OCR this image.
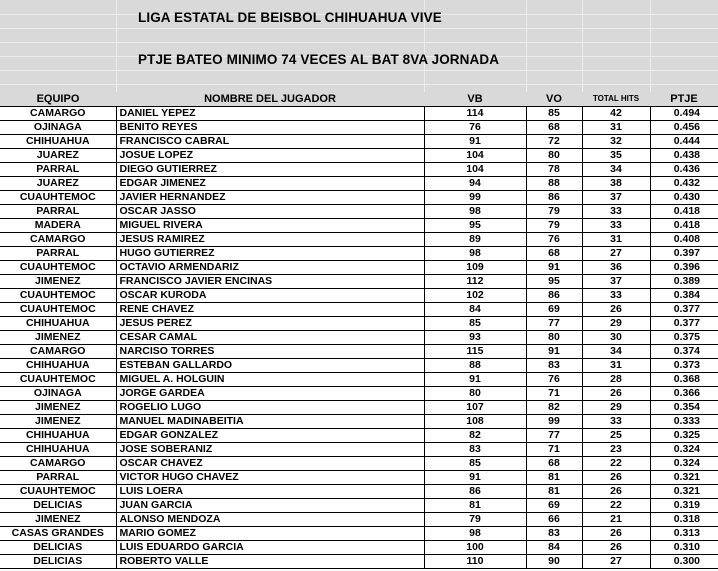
LIGA ESTATAL DE BEISBOL CHIHUAHUA VIVE
PTJE BATEO MINIMO 74 VECES AL BAT 8VA JORNADA
EQUIPO	NOMBRE DEL JUGADOR	VB	VO	TOTAL HITS	PTJE
CAMARGO	DANIEL YEPEZ	114	85	42	0.494
OJINAGA	BENITO REYES	76	68	31	0.456
CHIHUAHUA	FRANCISCO CABRAL	91	72	32	0.444
JUAREZ	JOSUE LOPEZ	104	80	35	0.438
PARRAL	DIEGO GUTIERREZ	104	78	34	0.436
JUAREZ	EDGAR JIMENEZ	94	88	38	0.432
CUAUHTEMOC	JAVIER HERNANDEZ	99	86	37	0.430
PARRAL	OSCAR JASSO	98	79	33	0.418
MADERA	MIGUEL RIVERA	95	79	33	0.418
CAMARGO	JESUS RAMIREZ	89	76	31	0.408
PARRAL	HUGO GUTIERREZ	98	68	27	0.397
CUAUHTEMOC	OCTAVIO ARMENDARIZ	109	91	36	0.396
JIMENEZ	FRANCISCO JAVIER ENCINAS	112	95	37	0.389
CUAUHTEMOC	OSCAR KURODA	102	86	33	0.384
CUAUHTEMOC	RENE CHAVEZ	84	69	26	0.377
CHIHUAHUA	JESUS PEREZ	85	77	29	0.377
JIMENEZ	CESAR CAMAL	93	80	30	0.375
CAMARGO	NARCISO TORRES	115	91	34	0.374
CHIHUAHUA	ESTEBAN GALLARDO	88	83	31	0.373
CUAUHTEMOC	MIGUEL A. HOLGUIN	91	76	28	0.368
OJINAGA	JORGE GARDEA	80	71	26	0.366
JIMENEZ	ROGELIO LUGO	107	82	29	0.354
JIMENEZ	MANUEL MADINABEITIA	108	99	33	0.333
CHIHUAHUA	EDGAR GONZALEZ	82	77	25	0.325
CHIHUAHUA	JOSE SOBERANIZ	83	71	23	0.324
CAMARGO	OSCAR CHAVEZ	85	68	22	0.324
PARRAL	VICTOR HUGO CHAVEZ	91	81	26	0.321
CUAUHTEMOC	LUIS LOERA	86	81	26	0.321
DELICIAS	JUAN GARCIA	81	69	22	0.319
JIMENEZ	ALONSO MENDOZA	79	66	21	0.318
CASAS GRANDES	MARIO GOMEZ	98	83	26	0.313
DELICIAS	LUIS EDUARDO GARCIA	100	84	26	0.310
DELICIAS	ROBERTO VALLE	110	90	27	0.300
